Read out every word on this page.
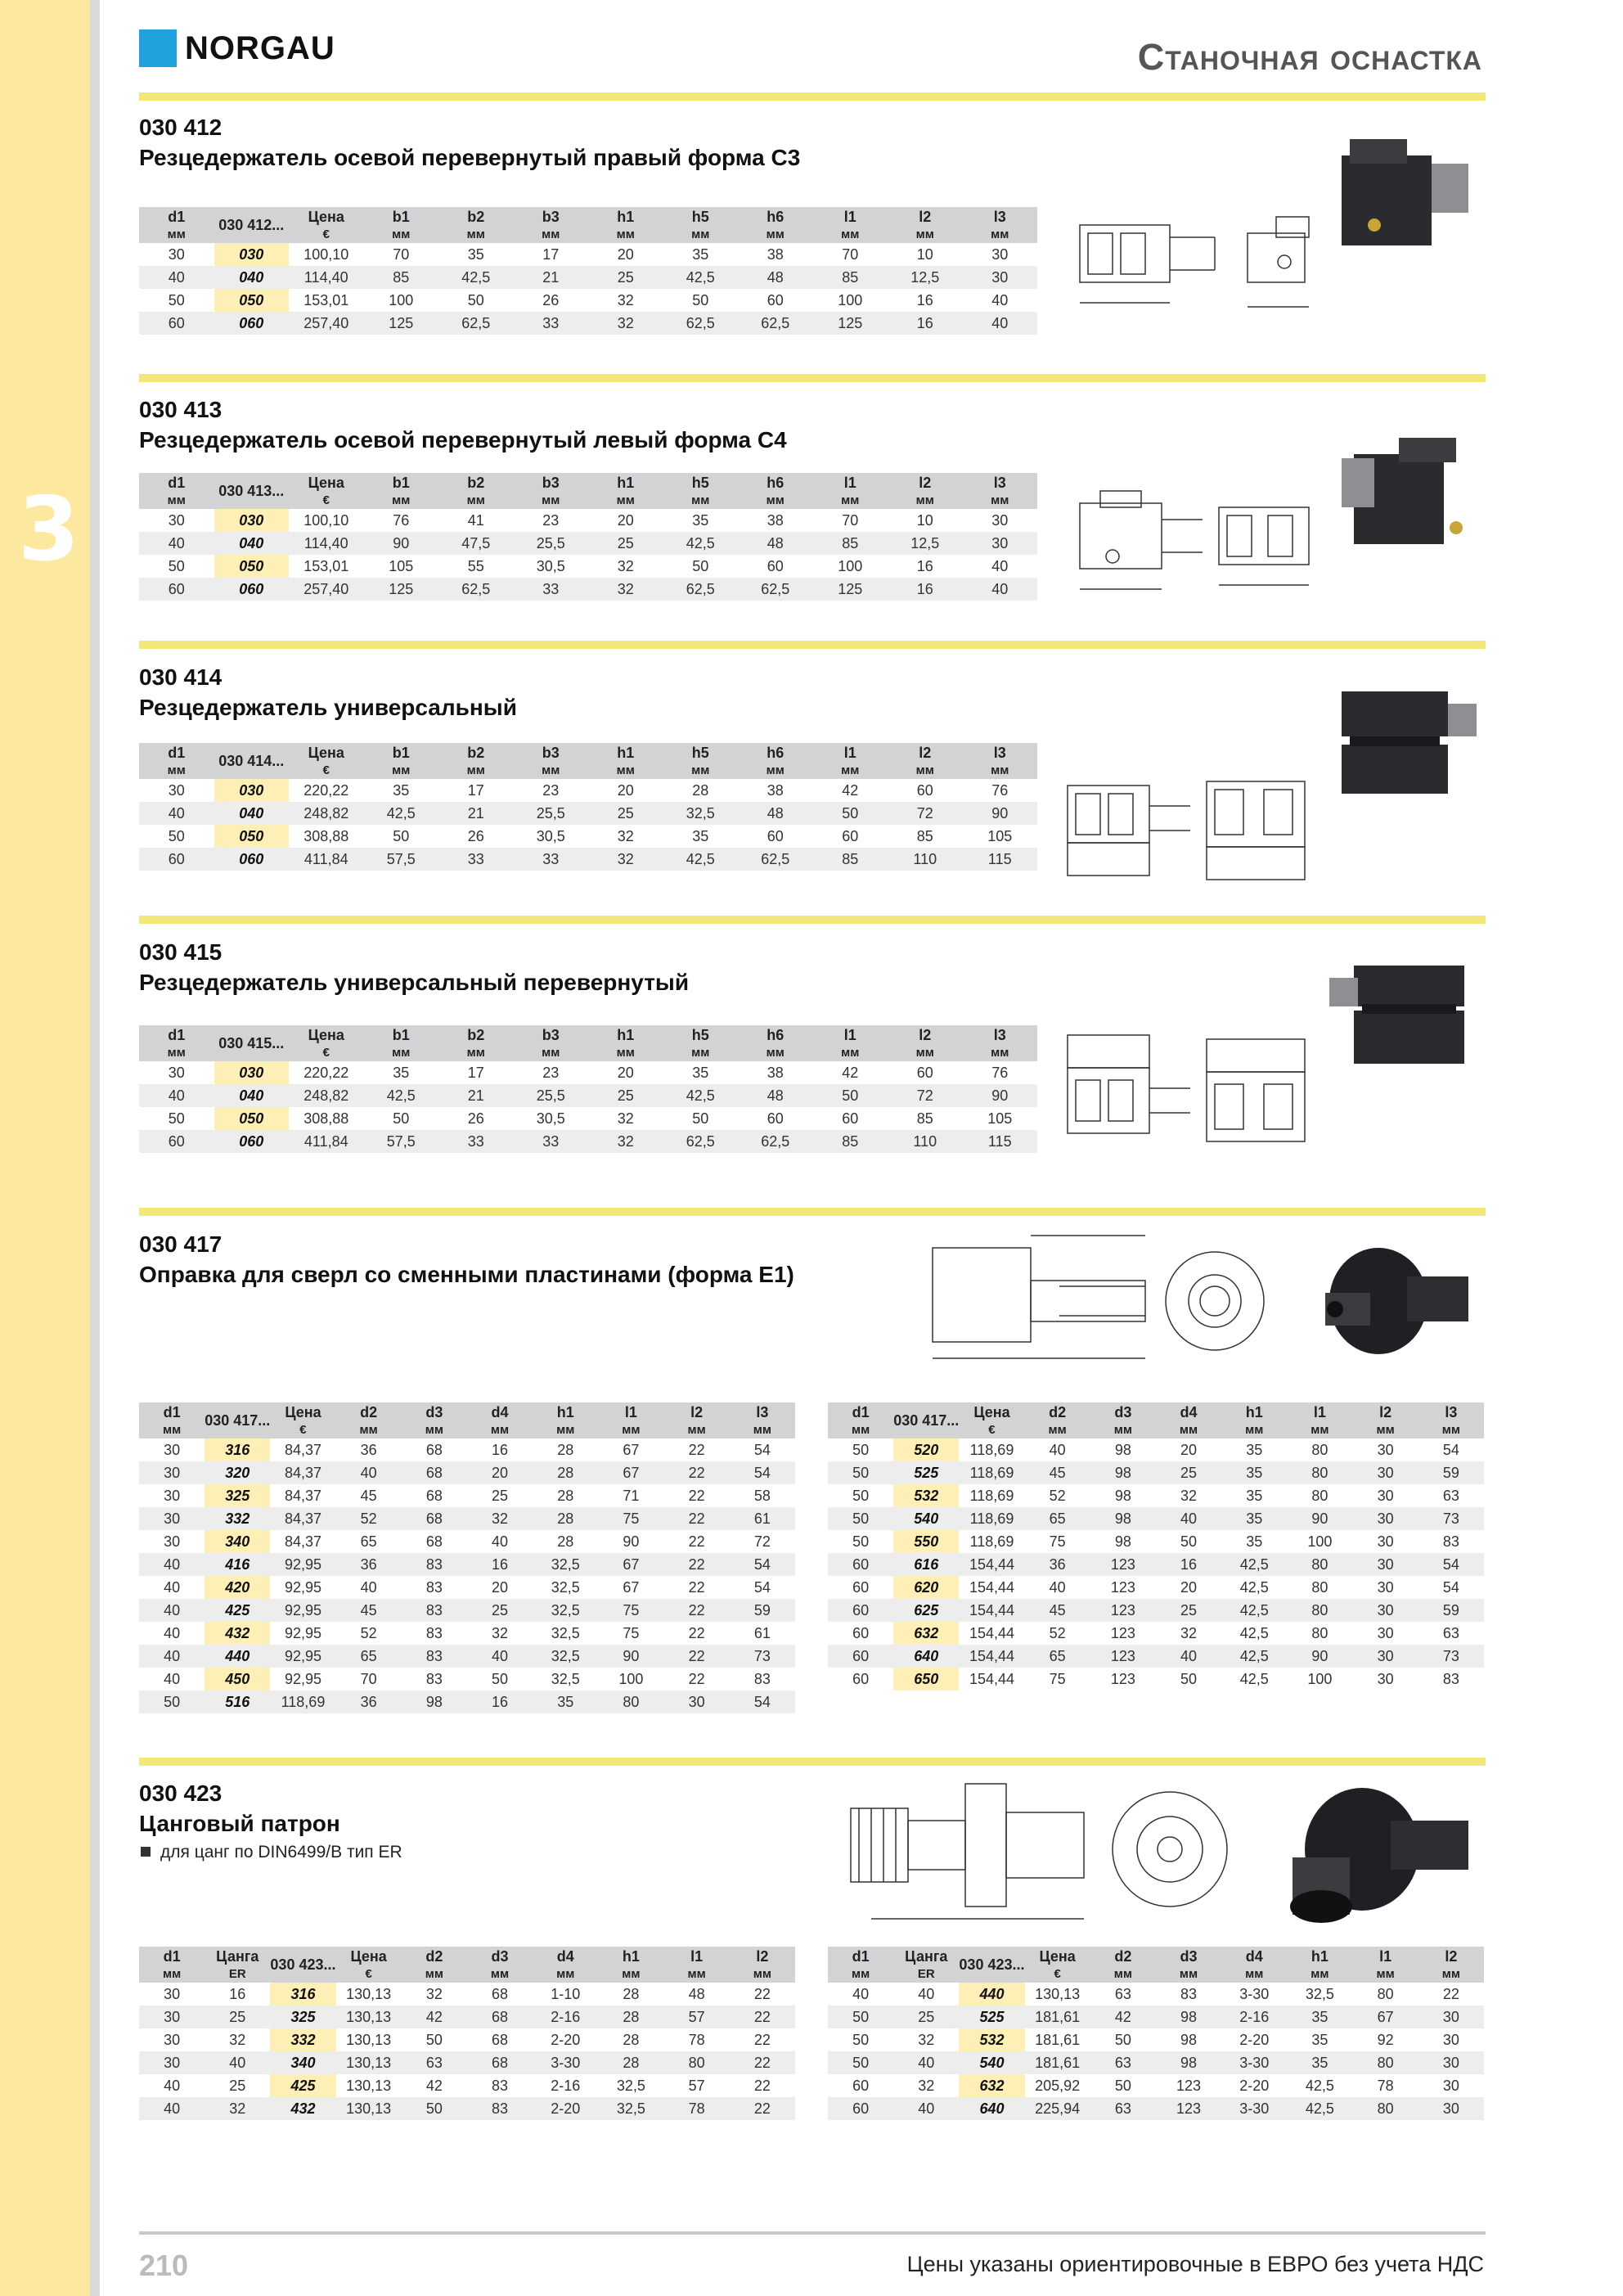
3
NORGAU	Станочная оснастка
030 412
Резцедержатель осевой перевернутый правый форма C3
d1	030 412...	Цена	b1	b2	b3	h1	h5	h6	l1	l2	l3
мм		€	мм	мм	мм	мм	мм	мм	мм	мм	мм
30	030	100,10	70	35	17	20	35	38	70	10	30
40	040	114,40	85	42,5	21	25	42,5	48	85	12,5	30
50	050	153,01	100	50	26	32	50	60	100	16	40
60	060	257,40	125	62,5	33	32	62,5	62,5	125	16	40
030 413
Резцедержатель осевой перевернутый левый форма C4
d1	030 413...	Цена	b1	b2	b3	h1	h5	h6	l1	l2	l3
мм		€	мм	мм	мм	мм	мм	мм	мм	мм	мм
30	030	100,10	76	41	23	20	35	38	70	10	30
40	040	114,40	90	47,5	25,5	25	42,5	48	85	12,5	30
50	050	153,01	105	55	30,5	32	50	60	100	16	40
60	060	257,40	125	62,5	33	32	62,5	62,5	125	16	40
030 414
Резцедержатель универсальный
d1	030 414...	Цена	b1	b2	b3	h1	h5	h6	l1	l2	l3
мм		€	мм	мм	мм	мм	мм	мм	мм	мм	мм
30	030	220,22	35	17	23	20	28	38	42	60	76
40	040	248,82	42,5	21	25,5	25	32,5	48	50	72	90
50	050	308,88	50	26	30,5	32	35	60	60	85	105
60	060	411,84	57,5	33	33	32	42,5	62,5	85	110	115
030 415
Резцедержатель универсальный перевернутый
d1	030 415...	Цена	b1	b2	b3	h1	h5	h6	l1	l2	l3
мм		€	мм	мм	мм	мм	мм	мм	мм	мм	мм
30	030	220,22	35	17	23	20	35	38	42	60	76
40	040	248,82	42,5	21	25,5	25	42,5	48	50	72	90
50	050	308,88	50	26	30,5	32	50	60	60	85	105
60	060	411,84	57,5	33	33	32	62,5	62,5	85	110	115
030 417
Оправка для сверл со сменными пластинами (форма E1)
d1	030 417...	Цена	d2	d3	d4	h1	l1	l2	l3
мм		€	мм	мм	мм	мм	мм	мм	мм
30	316	84,37	36	68	16	28	67	22	54
30	320	84,37	40	68	20	28	67	22	54
30	325	84,37	45	68	25	28	71	22	58
30	332	84,37	52	68	32	28	75	22	61
30	340	84,37	65	68	40	28	90	22	72
40	416	92,95	36	83	16	32,5	67	22	54
40	420	92,95	40	83	20	32,5	67	22	54
40	425	92,95	45	83	25	32,5	75	22	59
40	432	92,95	52	83	32	32,5	75	22	61
40	440	92,95	65	83	40	32,5	90	22	73
40	450	92,95	70	83	50	32,5	100	22	83
50	516	118,69	36	98	16	35	80	30	54
d1	030 417...	Цена	d2	d3	d4	h1	l1	l2	l3
мм		€	мм	мм	мм	мм	мм	мм	мм
50	520	118,69	40	98	20	35	80	30	54
50	525	118,69	45	98	25	35	80	30	59
50	532	118,69	52	98	32	35	80	30	63
50	540	118,69	65	98	40	35	90	30	73
50	550	118,69	75	98	50	35	100	30	83
60	616	154,44	36	123	16	42,5	80	30	54
60	620	154,44	40	123	20	42,5	80	30	54
60	625	154,44	45	123	25	42,5	80	30	59
60	632	154,44	52	123	32	42,5	80	30	63
60	640	154,44	65	123	40	42,5	90	30	73
60	650	154,44	75	123	50	42,5	100	30	83
030 423
Цанговый патрон
для цанг по DIN6499/B тип ER
d1	Цанга	030 423...	Цена	d2	d3	d4	h1	l1	l2
мм	ER		€	мм	мм	мм	мм	мм	мм
30	16	316	130,13	32	68	1-10	28	48	22
30	25	325	130,13	42	68	2-16	28	57	22
30	32	332	130,13	50	68	2-20	28	78	22
30	40	340	130,13	63	68	3-30	28	80	22
40	25	425	130,13	42	83	2-16	32,5	57	22
40	32	432	130,13	50	83	2-20	32,5	78	22
d1	Цанга	030 423...	Цена	d2	d3	d4	h1	l1	l2
мм	ER		€	мм	мм	мм	мм	мм	мм
40	40	440	130,13	63	83	3-30	32,5	80	22
50	25	525	181,61	42	98	2-16	35	67	30
50	32	532	181,61	50	98	2-20	35	92	30
50	40	540	181,61	63	98	3-30	35	80	30
60	32	632	205,92	50	123	2-20	42,5	78	30
60	40	640	225,94	63	123	3-30	42,5	80	30
210	Цены указаны ориентировочные в ЕВРО без учета НДС
